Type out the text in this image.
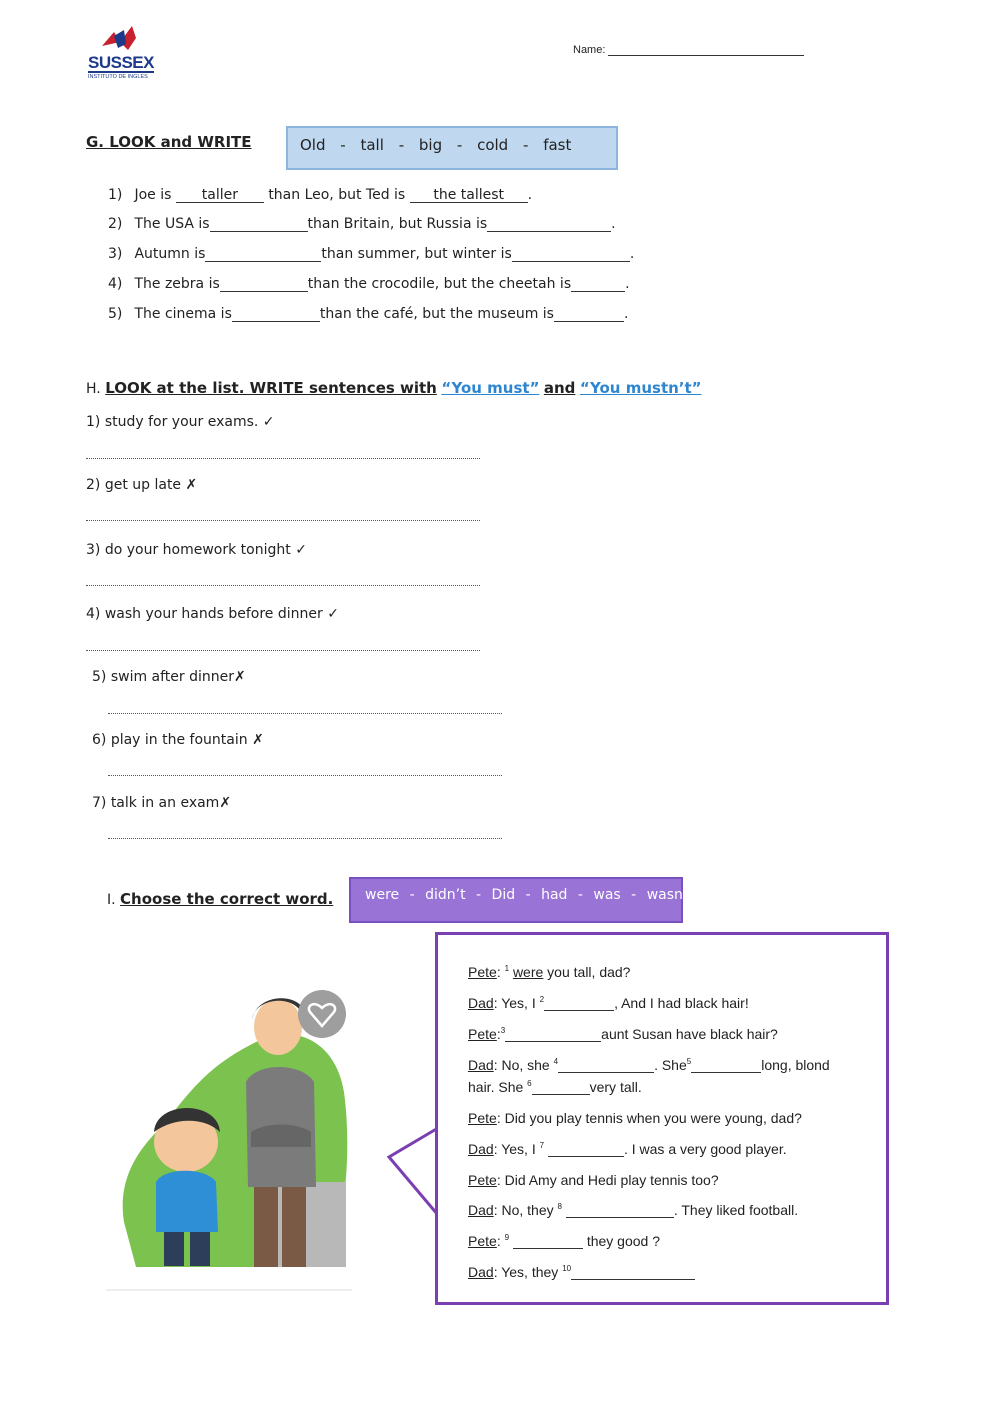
SUSSEX
INSTITUTO DE INGLES
Name:
G. LOOK and WRITE	Old - tall - big - cold - fast
1) Joe is taller than Leo, but Ted is the tallest .
2) The USA is	than Britain, but Russia is	.
3) Autumn is	than summer, but winter is	.
4) The zebra is	than the crocodile, but the cheetah is	.
5) The cinema is	than the café, but the museum is	.
H. LOOK at the list. WRITE sentences with “You must” and “You mustn’t”
1) study for your exams. ✓
2) get up late ✗
3) do your homework tonight ✓
4) wash your hands before dinner ✓
5) swim after dinner✗
6) play in the fountain ✗
7) talk in an exam✗
I. Choose the correct word. were - didn’t - Did - had - was - wasn’t
Pete: $^1$ were you tall, dad?
Dad: Yes, I $^2$	, And I had black hair!
Pete:$^3$	aunt Susan have black hair?
Dad: No, she $^4$	. She$^5$	long, blond
hair. She $^6$	very tall.
Pete: Did you play tennis when you were young, dad?
Dad: Yes, I $^7$	. I was a very good player.
Pete: Did Amy and Hedi play tennis too?
Dad: No, they $^8$	. They liked football.
Pete: $^9$	they good ?
Dad: Yes, they $^{10}$
